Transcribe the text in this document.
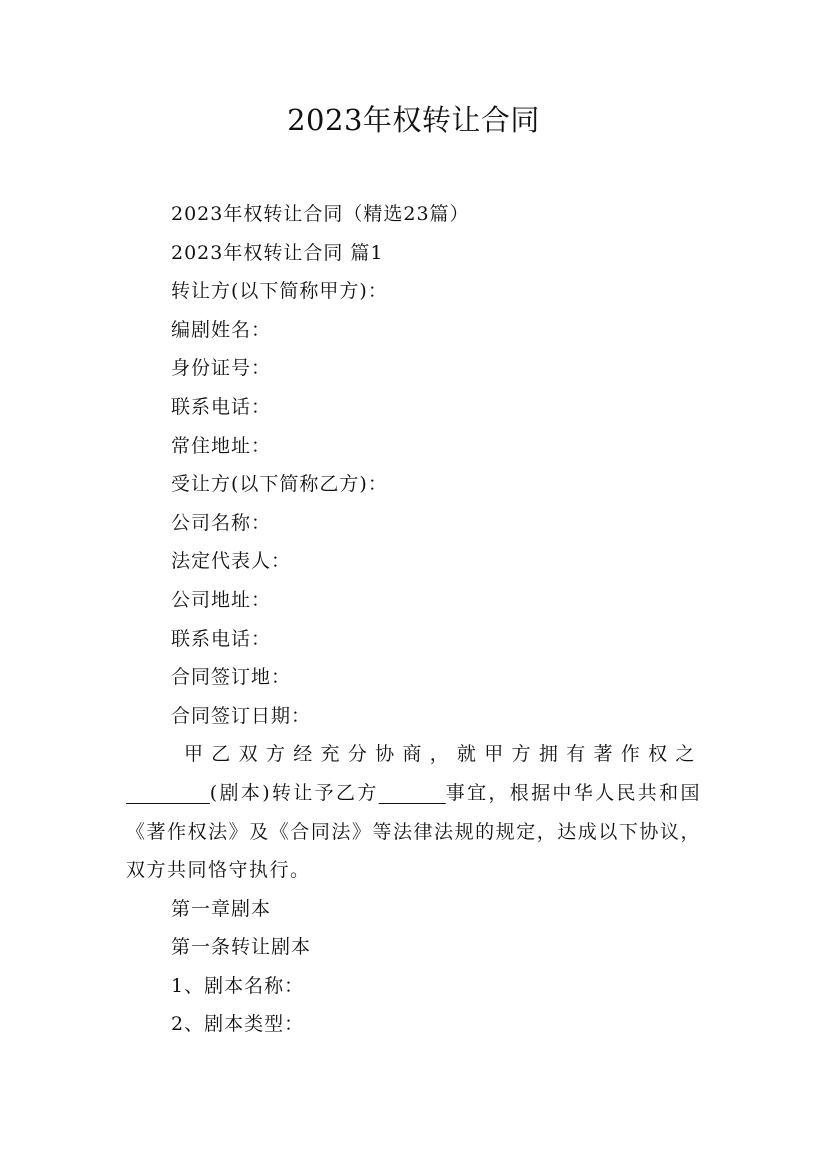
2023年权转让合同
2023年权转让合同（精选23篇）
2023年权转让合同 篇1
转让方(以下简称甲方)：
编剧姓名：
身份证号：
联系电话：
常住地址：
受让方(以下简称乙方)：
公司名称：
法定代表人：
公司地址：
联系电话：
合同签订地：
合同签订日期：

甲乙双方经充分协商，就甲方拥有著作权之          (剧本)转让予乙方	事宜，根据中华人民共和国《著作权法》及《合同法》等法律法规的规定，达成以下协议，双方共同恪守执行。

第一章剧本
第一条转让剧本
1、剧本名称：
2、剧本类型：
